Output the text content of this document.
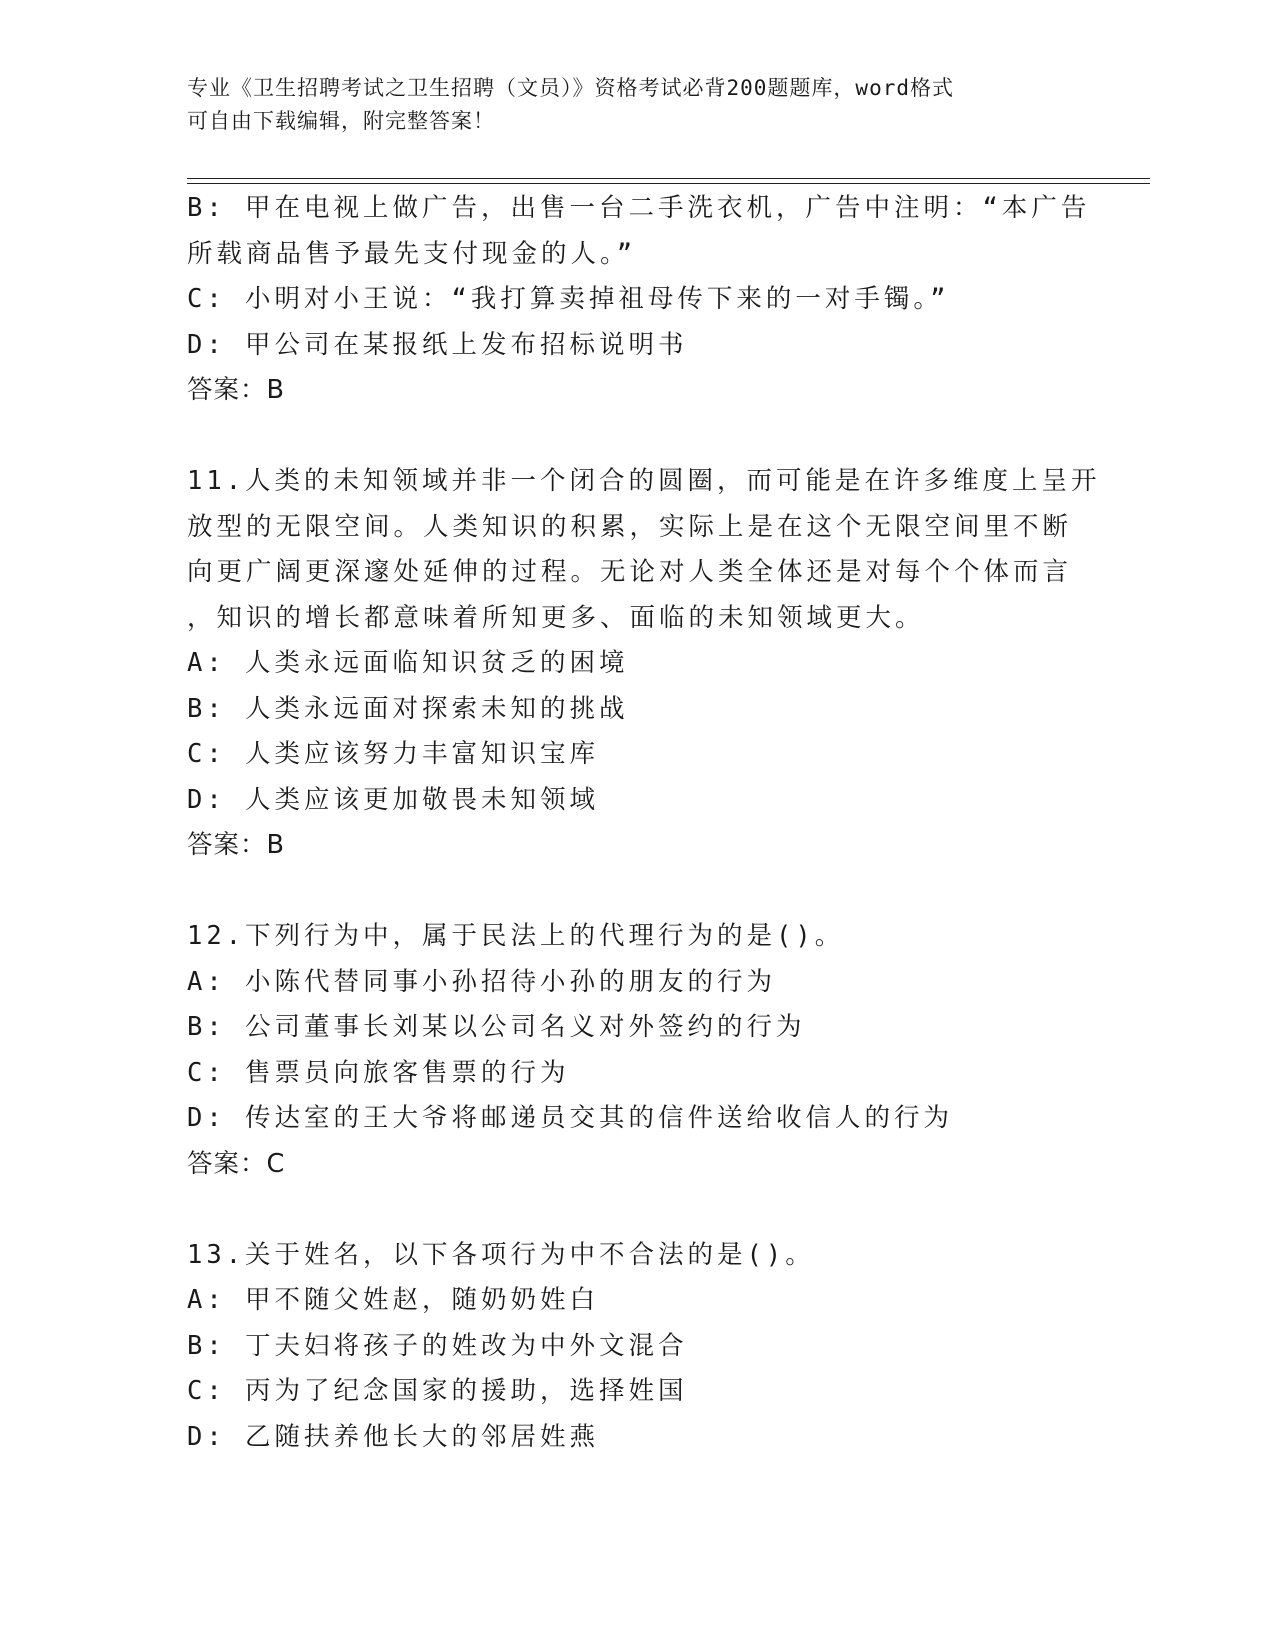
专业《卫生招聘考试之卫生招聘（文员）》资格考试必背200题题库，word格式
可自由下载编辑，附完整答案！
B: 甲在电视上做广告，出售一台二手洗衣机，广告中注明：“本广告
所载商品售予最先支付现金的人。”
C: 小明对小王说：“我打算卖掉祖母传下来的一对手镯。”
D: 甲公司在某报纸上发布招标说明书
答案：B
11.人类的未知领域并非一个闭合的圆圈，而可能是在许多维度上呈开
放型的无限空间。人类知识的积累，实际上是在这个无限空间里不断
向更广阔更深邃处延伸的过程。无论对人类全体还是对每个个体而言
，知识的增长都意味着所知更多、面临的未知领域更大。
A: 人类永远面临知识贫乏的困境
B: 人类永远面对探索未知的挑战
C: 人类应该努力丰富知识宝库
D: 人类应该更加敬畏未知领域
答案：B
12.下列行为中，属于民法上的代理行为的是()。
A: 小陈代替同事小孙招待小孙的朋友的行为
B: 公司董事长刘某以公司名义对外签约的行为
C: 售票员向旅客售票的行为
D: 传达室的王大爷将邮递员交其的信件送给收信人的行为
答案：C
13.关于姓名，以下各项行为中不合法的是()。
A: 甲不随父姓赵，随奶奶姓白
B: 丁夫妇将孩子的姓改为中外文混合
C: 丙为了纪念国家的援助，选择姓国
D: 乙随扶养他长大的邻居姓燕
